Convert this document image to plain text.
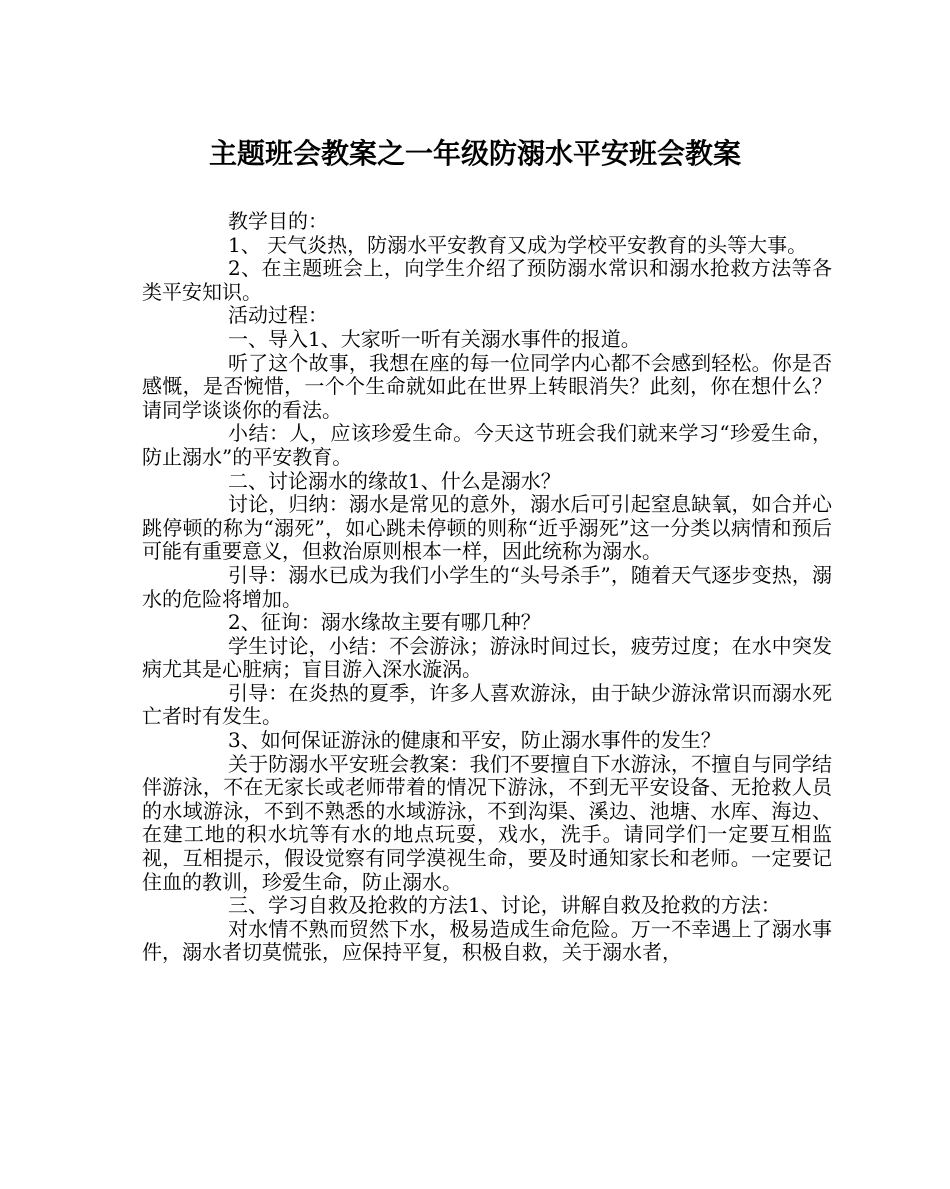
主题班会教案之一年级防溺水平安班会教案

教学目的：

1、 天气炎热，防溺水平安教育又成为学校平安教育的头等大事。

2、在主题班会上，向学生介绍了预防溺水常识和溺水抢救方法等各类平安知识。

活动过程：

一、导入1、大家听一听有关溺水事件的报道。

听了这个故事，我想在座的每一位同学内心都不会感到轻松。你是否感慨，是否惋惜，一个个生命就如此在世界上转眼消失？此刻，你在想什么？请同学谈谈你的看法。

小结：人，应该珍爱生命。今天这节班会我们就来学习“珍爱生命，防止溺水”的平安教育。

二、讨论溺水的缘故1、什么是溺水？

讨论，归纳：溺水是常见的意外，溺水后可引起窒息缺氧，如合并心跳停顿的称为“溺死”，如心跳未停顿的则称“近乎溺死”这一分类以病情和预后可能有重要意义，但救治原则根本一样，因此统称为溺水。

引导：溺水已成为我们小学生的“头号杀手”，随着天气逐步变热，溺水的危险将增加。

2、征询：溺水缘故主要有哪几种？

学生讨论，小结：不会游泳；游泳时间过长，疲劳过度；在水中突发病尤其是心脏病；盲目游入深水漩涡。

引导：在炎热的夏季，许多人喜欢游泳，由于缺少游泳常识而溺水死亡者时有发生。

3、如何保证游泳的健康和平安，防止溺水事件的发生？

关于防溺水平安班会教案：我们不要擅自下水游泳，不擅自与同学结伴游泳，不在无家长或老师带着的情况下游泳，不到无平安设备、无抢救人员的水域游泳，不到不熟悉的水域游泳，不到沟渠、溪边、池塘、水库、海边、在建工地的积水坑等有水的地点玩耍，戏水，洗手。请同学们一定要互相监视，互相提示，假设觉察有同学漠视生命，要及时通知家长和老师。一定要记住血的教训，珍爱生命，防止溺水。

三、学习自救及抢救的方法1、讨论，讲解自救及抢救的方法：

对水情不熟而贸然下水，极易造成生命危险。万一不幸遇上了溺水事件，溺水者切莫慌张，应保持平复，积极自救，关于溺水者，
